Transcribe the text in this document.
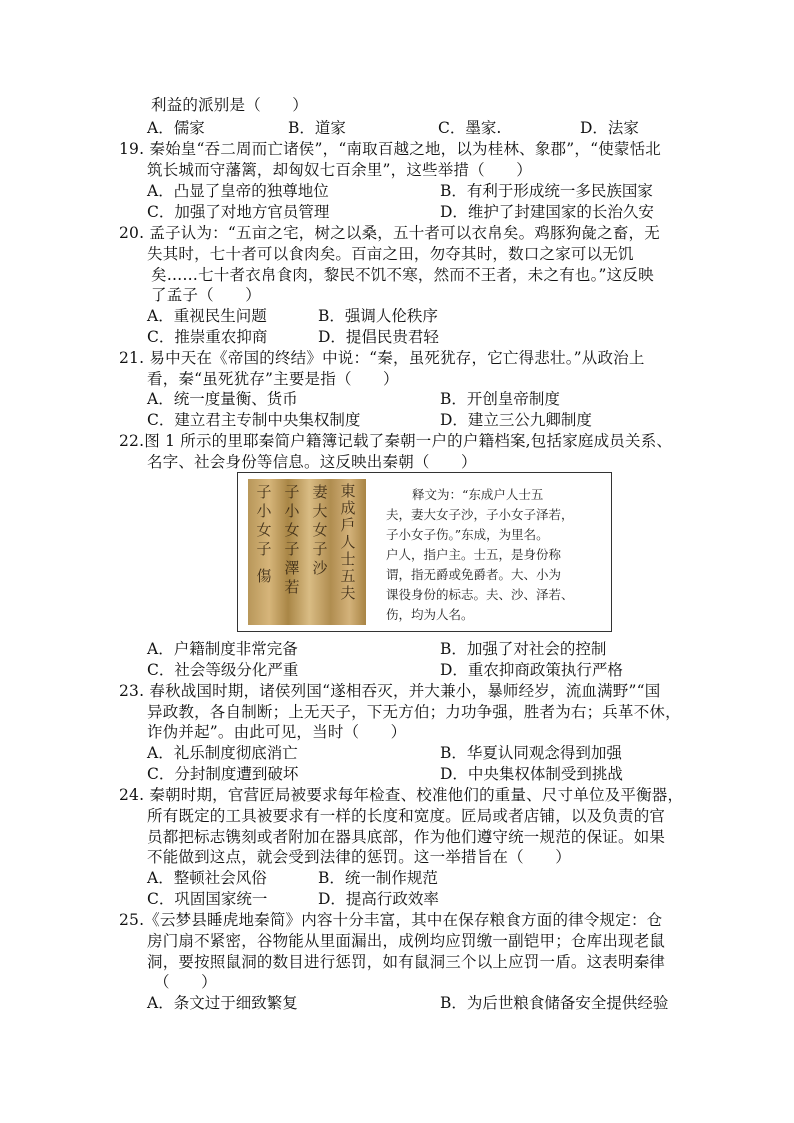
利益的派别是（　　）
A．儒家	B．道家	C．墨家.	D．法家
19. 秦始皇“吞二周而亡诸侯”，“南取百越之地，以为桂林、象郡”，“使蒙恬北
筑长城而守藩篱，却匈奴七百余里”，这些举措（　　）
A．凸显了皇帝的独尊地位	B．有利于形成统一多民族国家
C．加强了对地方官员管理	D．维护了封建国家的长治久安
20. 孟子认为：“五亩之宅，树之以桑，五十者可以衣帛矣。鸡豚狗彘之畜，无
失其时，七十者可以食肉矣。百亩之田，勿夺其时，数口之家可以无饥
矣……七十者衣帛食肉，黎民不饥不寒，然而不王者，未之有也。”这反映
了孟子（　　）
A．重视民生问题	B．强调人伦秩序
C．推崇重农抑商	D．提倡民贵君轻
21. 易中天在《帝国的终结》中说：“秦，虽死犹存，它亡得悲壮。”从政治上
看，秦“虽死犹存”主要是指（　　）
A．统一度量衡、货币	B．开创皇帝制度
C．建立君主专制中央集权制度	D．建立三公九卿制度
22.图 1 所示的里耶秦简户籍簿记载了秦朝一户的户籍档案,包括家庭成员关系、
名字、社会身份等信息。这反映出秦朝（　　）
子
小
女
子
傷
子
小
女
子
澤
若
妻
大
女
子
沙
東
成
戶
人
士
五
夫
释文为：“东成户人士五
夫，妻大女子沙，子小女子泽若，
子小女子伤。”东成，为里名。
户人，指户主。士五，是身份称
谓，指无爵或免爵者。大、小为
课役身份的标志。夫、沙、泽若、
伤，均为人名。
A．户籍制度非常完备	B．加强了对社会的控制
C．社会等级分化严重	D．重农抑商政策执行严格
23. 春秋战国时期，诸侯列国“遂相吞灭，并大兼小，暴师经岁，流血满野”“国
异政教，各自制断；上无天子，下无方伯；力功争强，胜者为右；兵革不休，
诈伪并起”。由此可见，当时（　　）
A．礼乐制度彻底消亡	B．华夏认同观念得到加强
C．分封制度遭到破坏	D．中央集权体制受到挑战
24. 秦朝时期，官营匠局被要求每年检查、校准他们的重量、尺寸单位及平衡器，
所有既定的工具被要求有一样的长度和宽度。匠局或者店铺，以及负责的官
员都把标志镌刻或者附加在器具底部，作为他们遵守统一规范的保证。如果
不能做到这点，就会受到法律的惩罚。这一举措旨在（　　）
A．整顿社会风俗	B．统一制作规范
C．巩固国家统一	D．提高行政效率
25.《云梦县睡虎地秦简》内容十分丰富，其中在保存粮食方面的律令规定：仓
房门扇不紧密，谷物能从里面漏出，成例均应罚缴一副铠甲；仓库出现老鼠
洞，要按照鼠洞的数目进行惩罚，如有鼠洞三个以上应罚一盾。这表明秦律
（　　）
A．条文过于细致繁复	B．为后世粮食储备安全提供经验
